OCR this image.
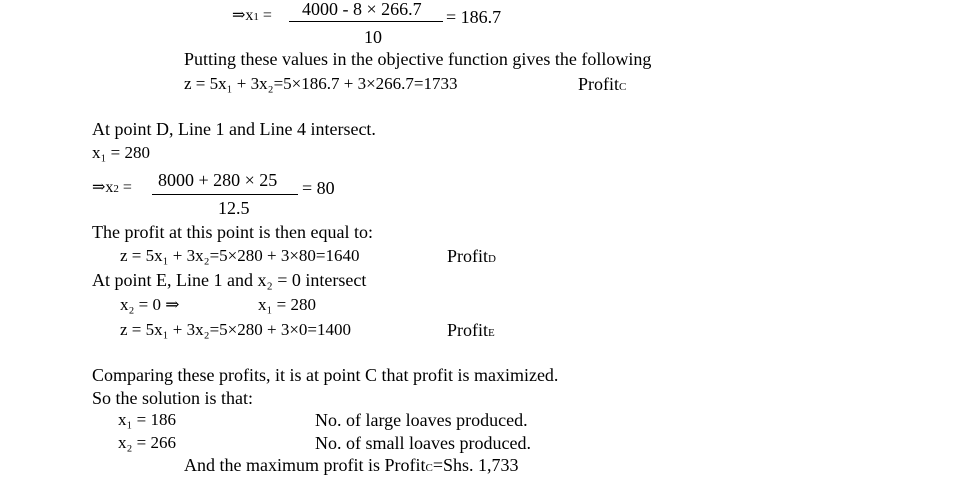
⇒x1 = 4000 - 8 × 266.7 = 186.7
10
Putting these values in the objective function gives the following
z = 5x₁ + 3x₂=5×186.7 + 3×266.7=1733	ProfitC
At point D, Line 1 and Line 4 intersect.
x₁ = 280
⇒x2 = 8000 + 280 × 25 = 80
12.5
The profit at this point is then equal to:
z = 5x₁ + 3x₂=5×280 + 3×80=1640	ProfitD
At point E, Line 1 and x₂ = 0 intersect
x₂ = 0 ⇒	x₁ = 280
z = 5x₁ + 3x₂=5×280 + 3×0=1400	ProfitE
Comparing these profits, it is at point C that profit is maximized.
So the solution is that:
x₁ = 186	No. of large loaves produced.
x₂ = 266	No. of small loaves produced.
And the maximum profit is ProfitC=Shs. 1,733
